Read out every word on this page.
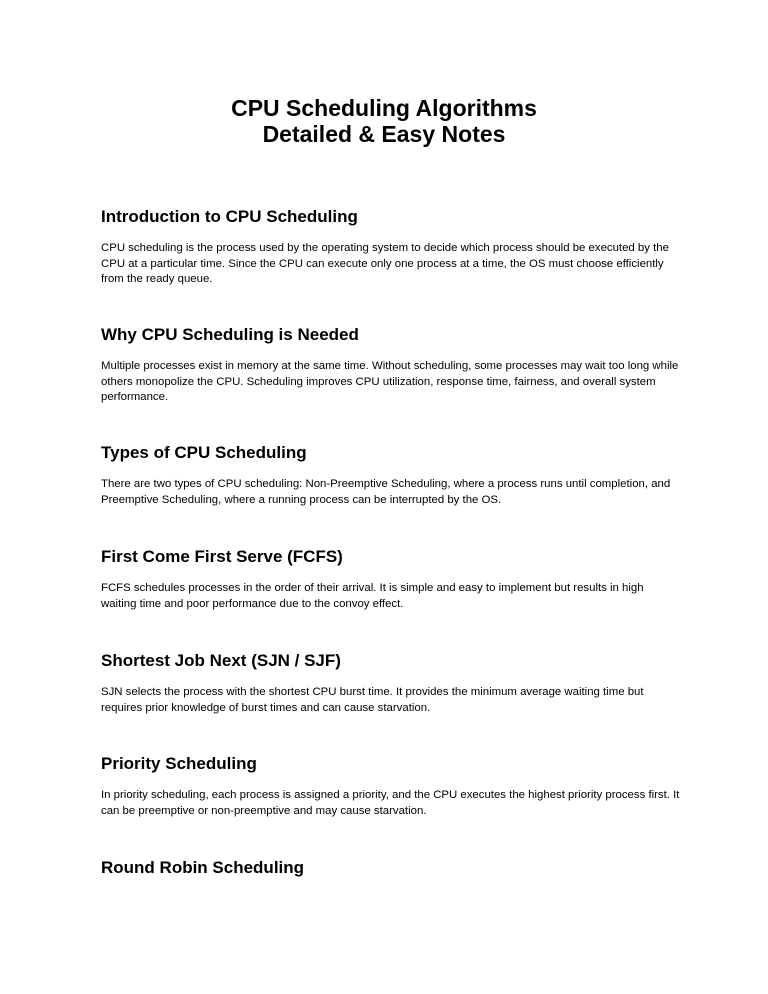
CPU Scheduling Algorithms
Detailed & Easy Notes
Introduction to CPU Scheduling

CPU scheduling is the process used by the operating system to decide which process should be executed by the CPU at a particular time. Since the CPU can execute only one process at a time, the OS must choose efficiently from the ready queue.

Why CPU Scheduling is Needed

Multiple processes exist in memory at the same time. Without scheduling, some processes may wait too long while others monopolize the CPU. Scheduling improves CPU utilization, response time, fairness, and overall system performance.

Types of CPU Scheduling

There are two types of CPU scheduling: Non-Preemptive Scheduling, where a process runs until completion, and Preemptive Scheduling, where a running process can be interrupted by the OS.

First Come First Serve (FCFS)

FCFS schedules processes in the order of their arrival. It is simple and easy to implement but results in high waiting time and poor performance due to the convoy effect.

Shortest Job Next (SJN / SJF)

SJN selects the process with the shortest CPU burst time. It provides the minimum average waiting time but requires prior knowledge of burst times and can cause starvation.

Priority Scheduling

In priority scheduling, each process is assigned a priority, and the CPU executes the highest priority process first. It can be preemptive or non-preemptive and may cause starvation.

Round Robin Scheduling
